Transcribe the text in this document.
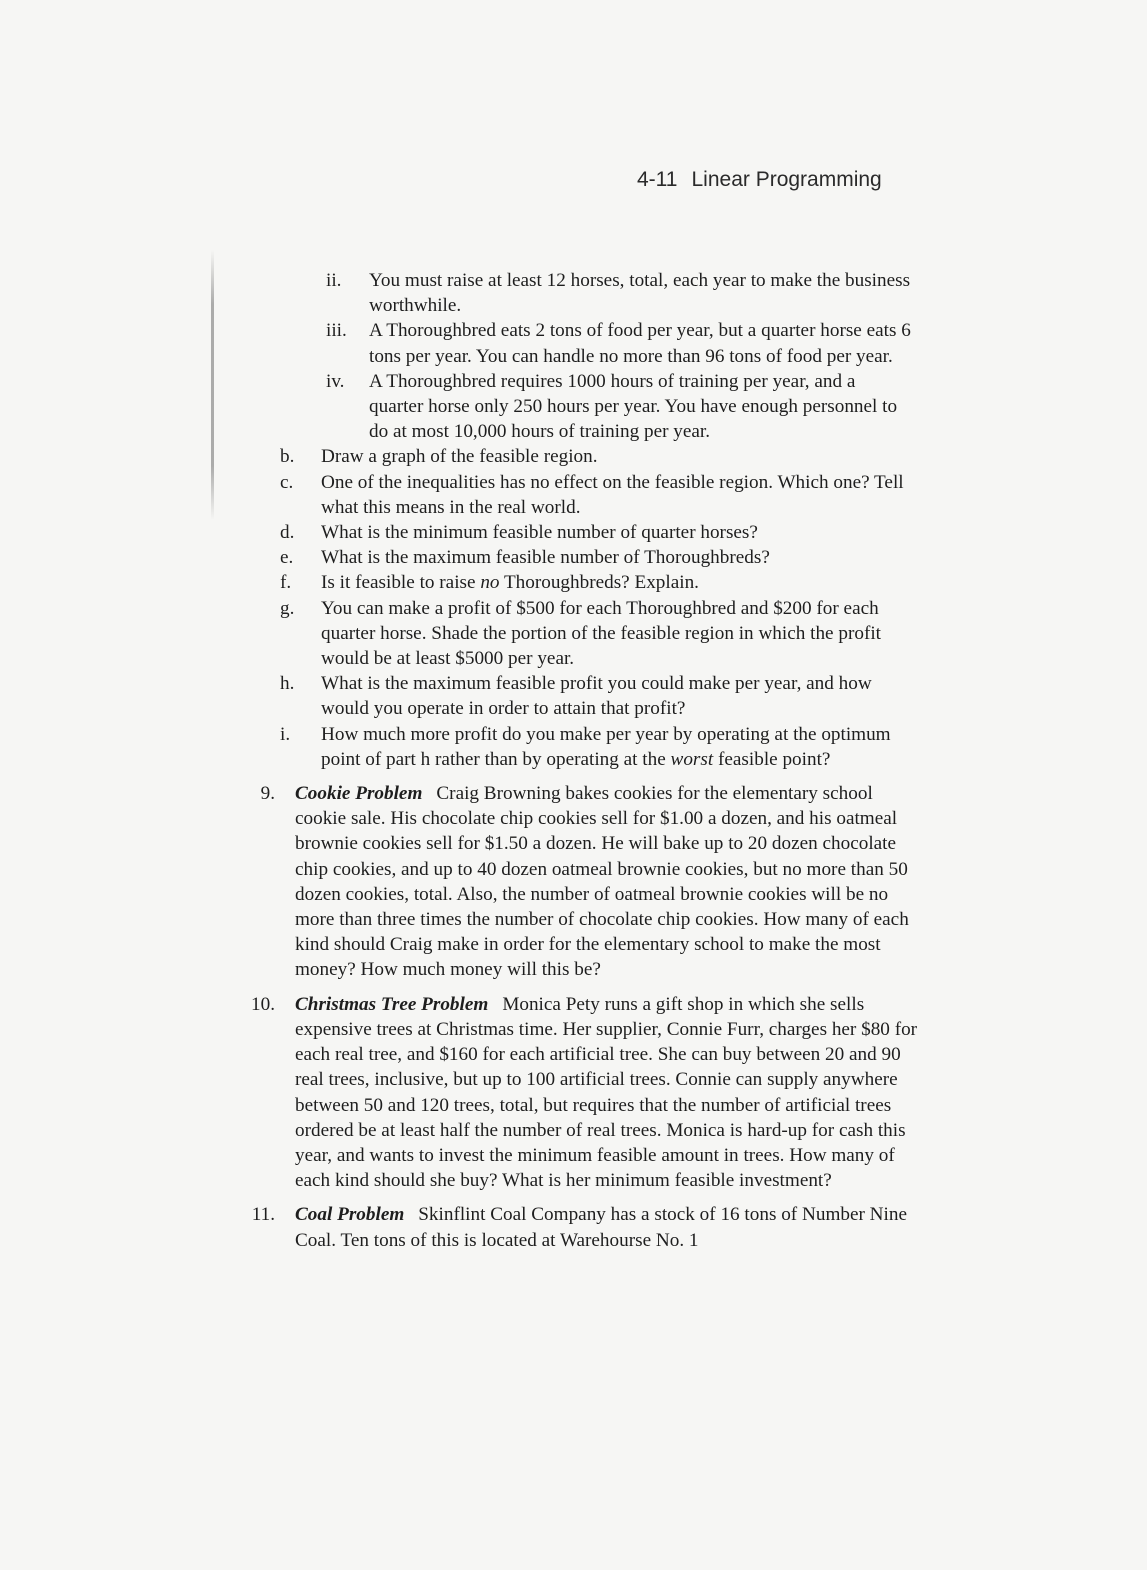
4-11 Linear Programming
ii. You must raise at least 12 horses, total, each year to make the business worthwhile.
iii. A Thoroughbred eats 2 tons of food per year, but a quarter horse eats 6 tons per year. You can handle no more than 96 tons of food per year.
iv. A Thoroughbred requires 1000 hours of training per year, and a quarter horse only 250 hours per year. You have enough personnel to do at most 10,000 hours of training per year.
b. Draw a graph of the feasible region.
c. One of the inequalities has no effect on the feasible region. Which one? Tell what this means in the real world.
d. What is the minimum feasible number of quarter horses?
e. What is the maximum feasible number of Thoroughbreds?
f. Is it feasible to raise no Thoroughbreds? Explain.
g. You can make a profit of $500 for each Thoroughbred and $200 for each quarter horse. Shade the portion of the feasible region in which the profit would be at least $5000 per year.
h. What is the maximum feasible profit you could make per year, and how would you operate in order to attain that profit?
i. How much more profit do you make per year by operating at the optimum point of part h rather than by operating at the worst feasible point?
9. Cookie Problem Craig Browning bakes cookies for the elementary school cookie sale. His chocolate chip cookies sell for $1.00 a dozen, and his oatmeal brownie cookies sell for $1.50 a dozen. He will bake up to 20 dozen chocolate chip cookies, and up to 40 dozen oatmeal brownie cookies, but no more than 50 dozen cookies, total. Also, the number of oatmeal brownie cookies will be no more than three times the number of chocolate chip cookies. How many of each kind should Craig make in order for the elementary school to make the most money? How much money will this be?
10. Christmas Tree Problem Monica Pety runs a gift shop in which she sells expensive trees at Christmas time. Her supplier, Connie Furr, charges her $80 for each real tree, and $160 for each artificial tree. She can buy between 20 and 90 real trees, inclusive, but up to 100 artificial trees. Connie can supply anywhere between 50 and 120 trees, total, but requires that the number of artificial trees ordered be at least half the number of real trees. Monica is hard-up for cash this year, and wants to invest the minimum feasible amount in trees. How many of each kind should she buy? What is her minimum feasible investment?
11. Coal Problem Skinflint Coal Company has a stock of 16 tons of Number Nine Coal. Ten tons of this is located at Warehourse No. 1
